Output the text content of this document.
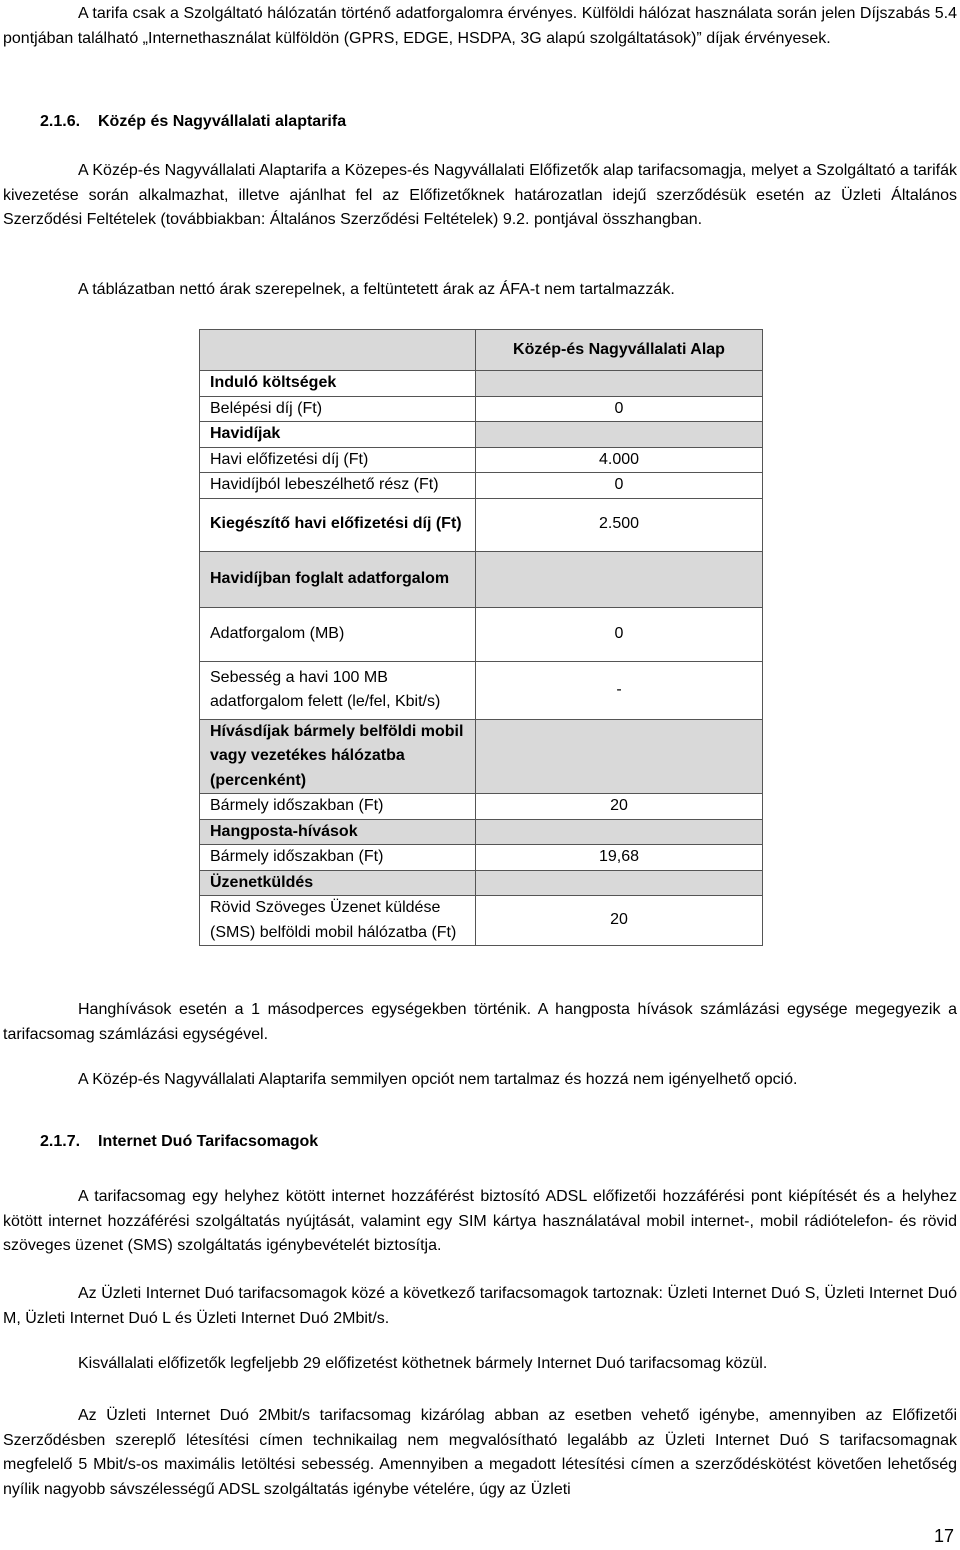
A tarifa csak a Szolgáltató hálózatán történő adatforgalomra érvényes. Külföldi hálózat használata során jelen Díjszabás 5.4 pontjában található „Internethasználat külföldön (GPRS, EDGE, HSDPA, 3G alapú szolgáltatások)” díjak érvényesek.

2.1.6. Közép és Nagyvállalati alaptarifa

A Közép-és Nagyvállalati Alaptarifa a Közepes-és Nagyvállalati Előfizetők alap tarifacsomagja, melyet a Szolgáltató a tarifák kivezetése során alkalmazhat, illetve ajánlhat fel az Előfizetőknek határozatlan idejű szerződésük esetén az Üzleti Általános Szerződési Feltételek (továbbiakban: Általános Szerződési Feltételek) 9.2. pontjával összhangban.

A táblázatban nettó árak szerepelnek, a feltüntetett árak az ÁFA-t nem tartalmazzák.

	Közép-és Nagyvállalati Alap
Induló költségek	
Belépési díj (Ft)	0
Havidíjak	
Havi előfizetési díj (Ft)	4.000
Havidíjból lebeszélhető rész (Ft)	0
Kiegészítő havi előfizetési díj (Ft)	2.500
Havidíjban foglalt adatforgalom	
Adatforgalom (MB)	0
Sebesség a havi 100 MB adatforgalom felett (le/fel, Kbit/s)	-
Hívásdíjak bármely belföldi mobil vagy vezetékes hálózatba (percenként)	
Bármely időszakban (Ft)	20
Hangposta-hívások	
Bármely időszakban (Ft)	19,68
Üzenetküldés	
Rövid Szöveges Üzenet küldése (SMS) belföldi mobil hálózatba (Ft)	20

Hanghívások esetén a 1 másodperces egységekben történik. A hangposta hívások számlázási egysége megegyezik a tarifacsomag számlázási egységével.

A Közép-és Nagyvállalati Alaptarifa semmilyen opciót nem tartalmaz és hozzá nem igényelhető opció.

2.1.7. Internet Duó Tarifacsomagok

A tarifacsomag egy helyhez kötött internet hozzáférést biztosító ADSL előfizetői hozzáférési pont kiépítését és a helyhez kötött internet hozzáférési szolgáltatás nyújtását, valamint egy SIM kártya használatával mobil internet-, mobil rádiótelefon- és rövid szöveges üzenet (SMS) szolgáltatás igénybevételét biztosítja.

Az Üzleti Internet Duó tarifacsomagok közé a következő tarifacsomagok tartoznak: Üzleti Internet Duó S, Üzleti Internet Duó M, Üzleti Internet Duó L és Üzleti Internet Duó 2Mbit/s.

Kisvállalati előfizetők legfeljebb 29 előfizetést köthetnek bármely Internet Duó tarifacsomag közül.

Az Üzleti Internet Duó 2Mbit/s tarifacsomag kizárólag abban az esetben vehető igénybe, amennyiben az Előfizetői Szerződésben szereplő létesítési címen technikailag nem megvalósítható legalább az Üzleti Internet Duó S tarifacsomagnak megfelelő 5 Mbit/s-os maximális letöltési sebesség. Amennyiben a megadott létesítési címen a szerződéskötést követően lehetőség nyílik nagyobb sávszélességű ADSL szolgáltatás igénybe vételére, úgy az Üzleti

17
